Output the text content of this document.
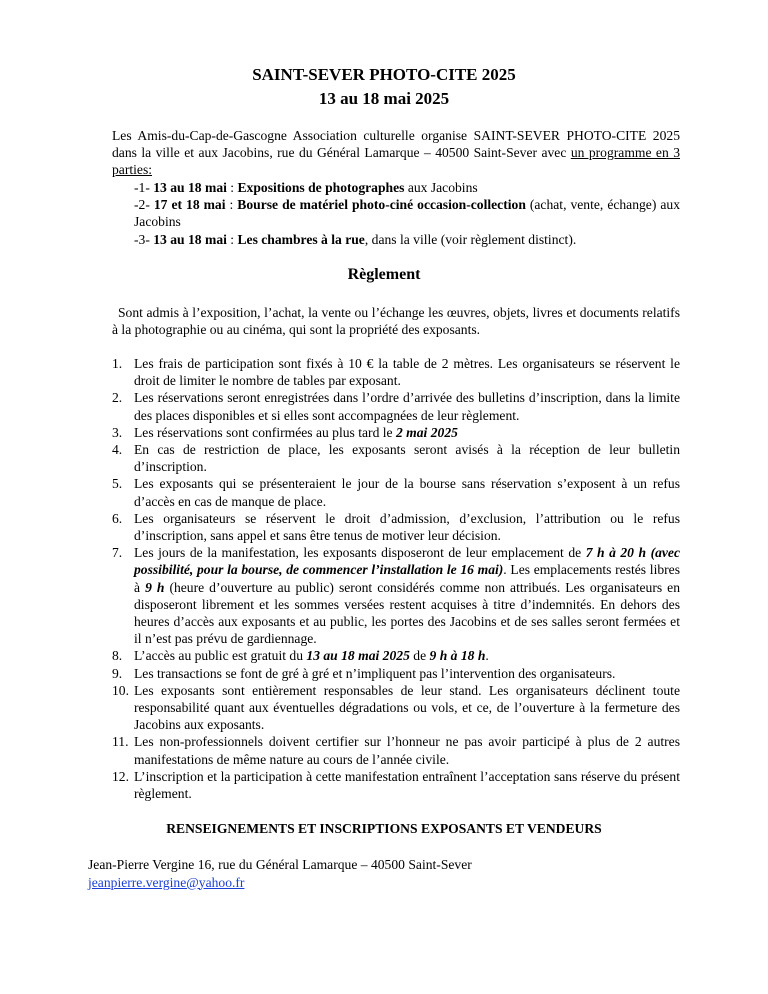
SAINT-SEVER PHOTO-CITE 2025
13 au 18 mai 2025
Les Amis-du-Cap-de-Gascogne Association culturelle organise SAINT-SEVER PHOTO-CITE 2025 dans la ville et aux Jacobins, rue du Général Lamarque – 40500 Saint-Sever avec un programme en 3 parties:

-1- 13 au 18 mai : Expositions de photographes aux Jacobins

-2- 17 et 18 mai : Bourse de matériel photo-ciné occasion-collection (achat, vente, échange) aux Jacobins

-3- 13 au 18 mai : Les chambres à la rue, dans la ville (voir règlement distinct).

Règlement
Sont admis à l’exposition, l’achat, la vente ou l’échange les œuvres, objets, livres et documents relatifs à la photographie ou au cinéma, qui sont la propriété des exposants.
1. Les frais de participation sont fixés à 10 € la table de 2 mètres. Les organisateurs se réservent le droit de limiter le nombre de tables par exposant.
2. Les réservations seront enregistrées dans l’ordre d’arrivée des bulletins d’inscription, dans la limite des places disponibles et si elles sont accompagnées de leur règlement.
3. Les réservations sont confirmées au plus tard le 2 mai 2025
4. En cas de restriction de place, les exposants seront avisés à la réception de leur bulletin d’inscription.
5. Les exposants qui se présenteraient le jour de la bourse sans réservation s’exposent à un refus d’accès en cas de manque de place.
6. Les organisateurs se réservent le droit d’admission, d’exclusion, l’attribution ou le refus d’inscription, sans appel et sans être tenus de motiver leur décision.
7. Les jours de la manifestation, les exposants disposeront de leur emplacement de 7 h à 20 h (avec possibilité, pour la bourse, de commencer l’installation le 16 mai). Les emplacements restés libres à 9 h (heure d’ouverture au public) seront considérés comme non attribués. Les organisateurs en disposeront librement et les sommes versées restent acquises à titre d’indemnités. En dehors des heures d’accès aux exposants et au public, les portes des Jacobins et de ses salles seront fermées et il n’est pas prévu de gardiennage.
8. L’accès au public est gratuit du 13 au 18 mai 2025 de 9 h à 18 h.
9. Les transactions se font de gré à gré et n’impliquent pas l’intervention des organisateurs.
10. Les exposants sont entièrement responsables de leur stand. Les organisateurs déclinent toute responsabilité quant aux éventuelles dégradations ou vols, et ce, de l’ouverture à la fermeture des Jacobins aux exposants.
11. Les non-professionnels doivent certifier sur l’honneur ne pas avoir participé à plus de 2 autres manifestations de même nature au cours de l’année civile.
12. L’inscription et la participation à cette manifestation entraînent l’acceptation sans réserve du présent règlement.
RENSEIGNEMENTS ET INSCRIPTIONS EXPOSANTS ET VENDEURS
Jean-Pierre Vergine 16, rue du Général Lamarque – 40500 Saint-Sever
jeanpierre.vergine@yahoo.fr
